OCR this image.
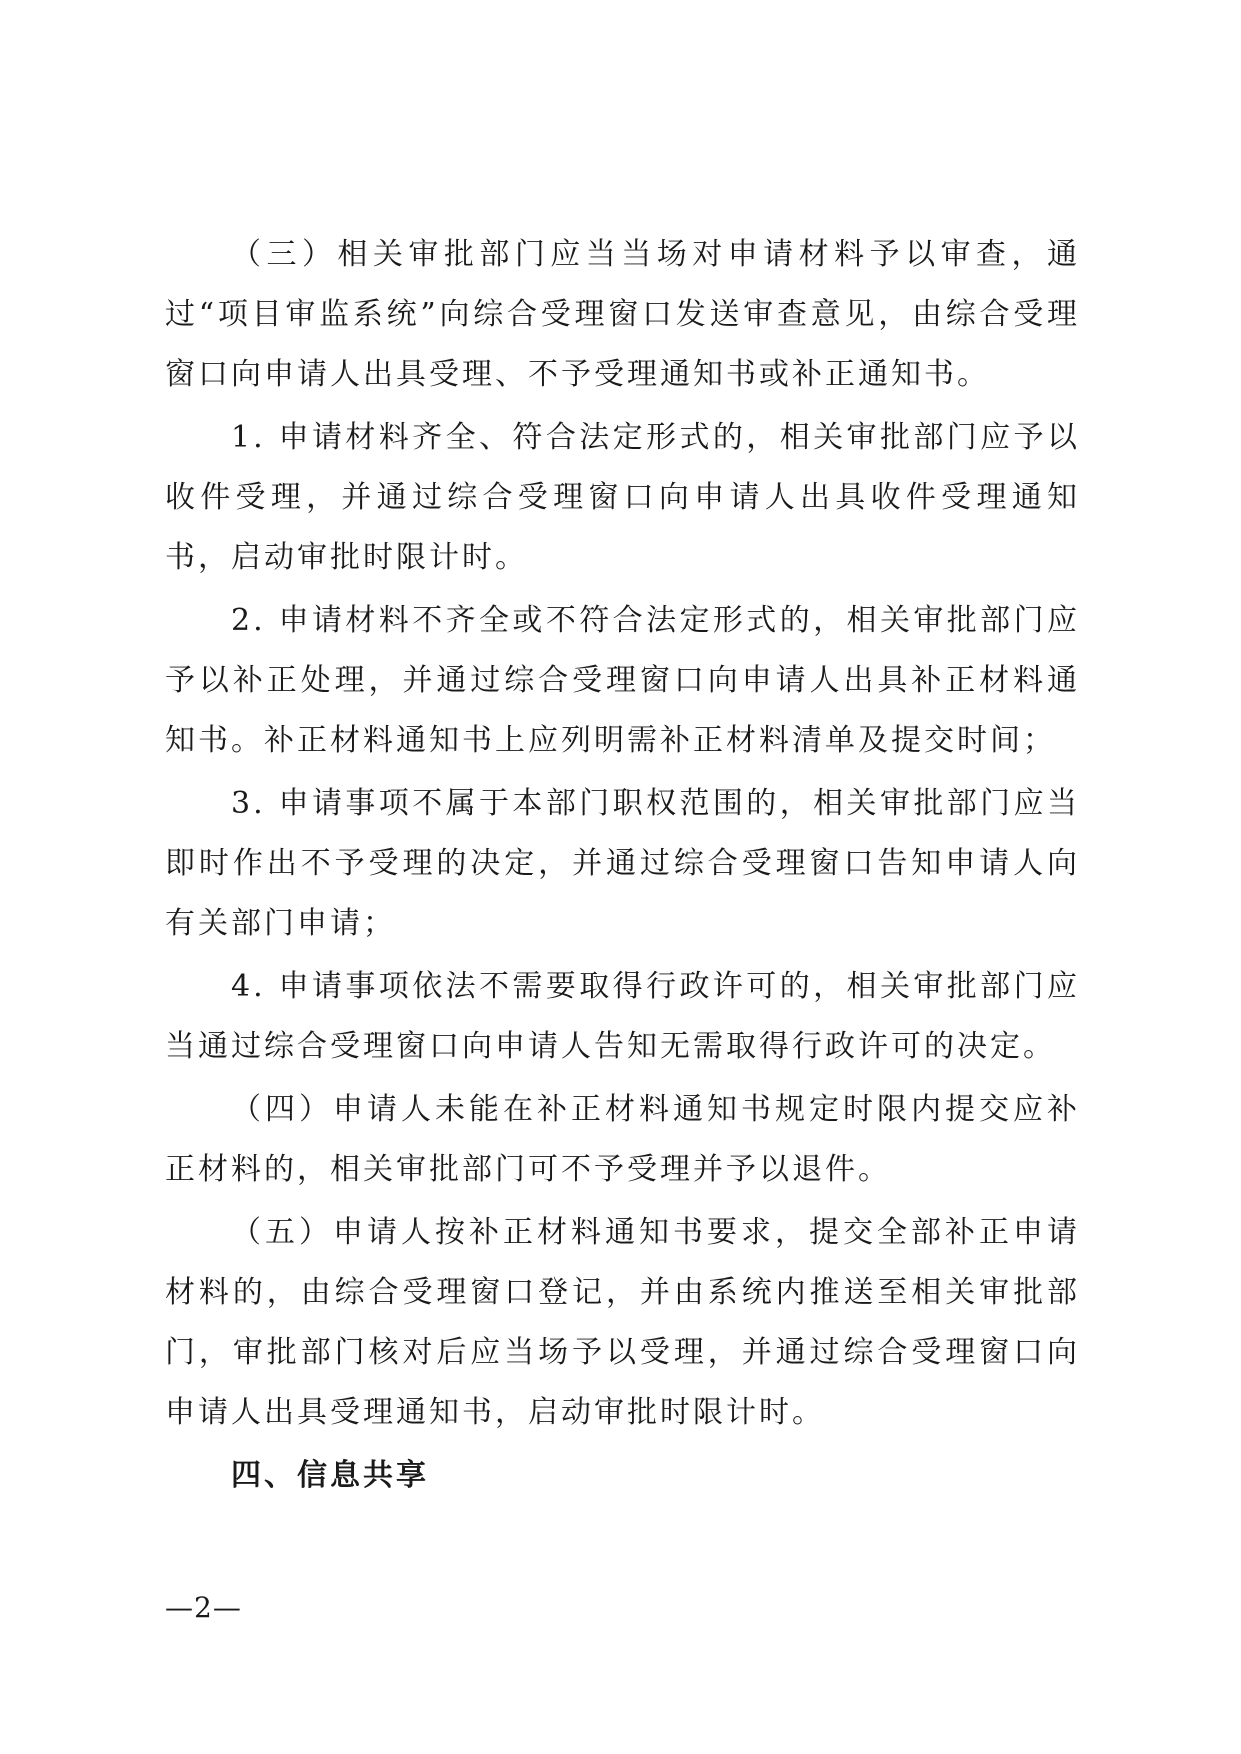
（三）相关审批部门应当当场对申请材料予以审查，通过“项目审监系统”向综合受理窗口发送审查意见，由综合受理窗口向申请人出具受理、不予受理通知书或补正通知书。

1. 申请材料齐全、符合法定形式的，相关审批部门应予以收件受理，并通过综合受理窗口向申请人出具收件受理通知书，启动审批时限计时。

2. 申请材料不齐全或不符合法定形式的，相关审批部门应予以补正处理，并通过综合受理窗口向申请人出具补正材料通知书。补正材料通知书上应列明需补正材料清单及提交时间；

3. 申请事项不属于本部门职权范围的，相关审批部门应当即时作出不予受理的决定，并通过综合受理窗口告知申请人向有关部门申请；

4. 申请事项依法不需要取得行政许可的，相关审批部门应当通过综合受理窗口向申请人告知无需取得行政许可的决定。

（四）申请人未能在补正材料通知书规定时限内提交应补正材料的，相关审批部门可不予受理并予以退件。

（五）申请人按补正材料通知书要求，提交全部补正申请材料的，由综合受理窗口登记，并由系统内推送至相关审批部门，审批部门核对后应当场予以受理，并通过综合受理窗口向申请人出具受理通知书，启动审批时限计时。

四、信息共享

—2—
